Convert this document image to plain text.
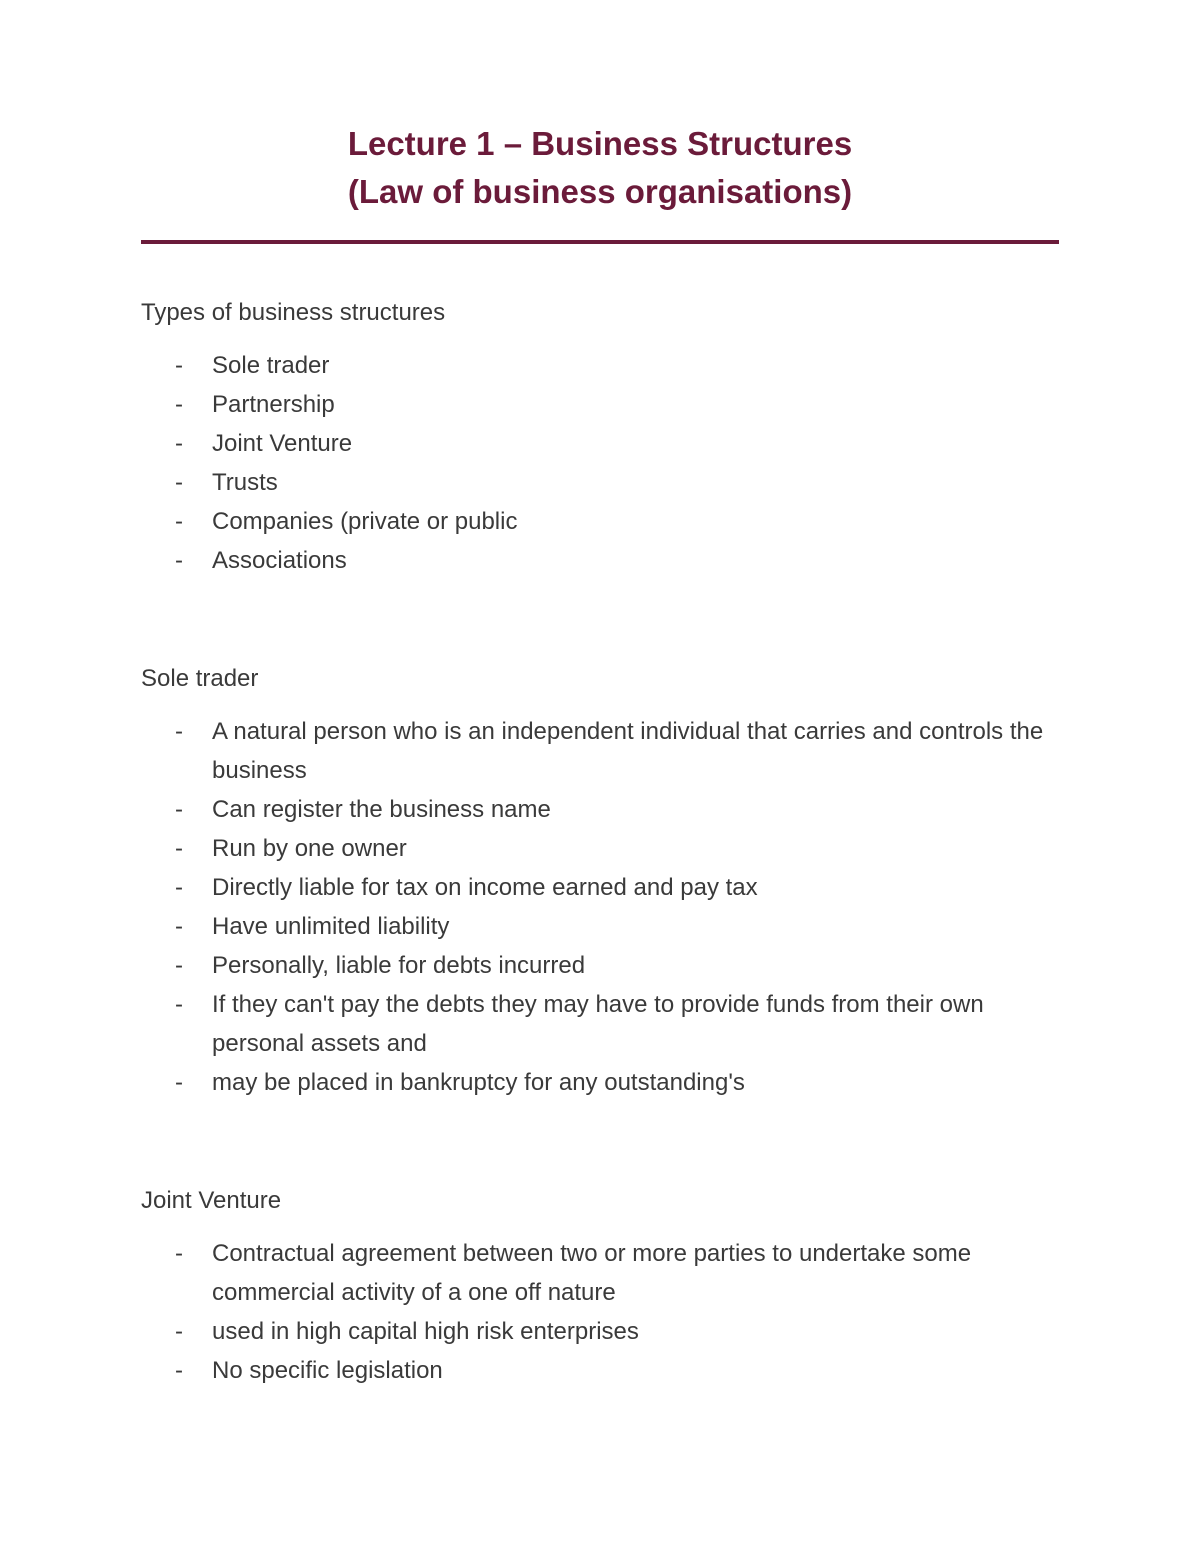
Lecture 1 – Business Structures
(Law of business organisations)

Types of business structures

- Sole trader
- Partnership
- Joint Venture
- Trusts
- Companies (private or public
- Associations

Sole trader

- A natural person who is an independent individual that carries and controls the business
- Can register the business name
- Run by one owner
- Directly liable for tax on income earned and pay tax
- Have unlimited liability
- Personally, liable for debts incurred
- If they can't pay the debts they may have to provide funds from their own personal assets and
- may be placed in bankruptcy for any outstanding's

Joint Venture

- Contractual agreement between two or more parties to undertake some commercial activity of a one off nature
- used in high capital high risk enterprises
- No specific legislation
